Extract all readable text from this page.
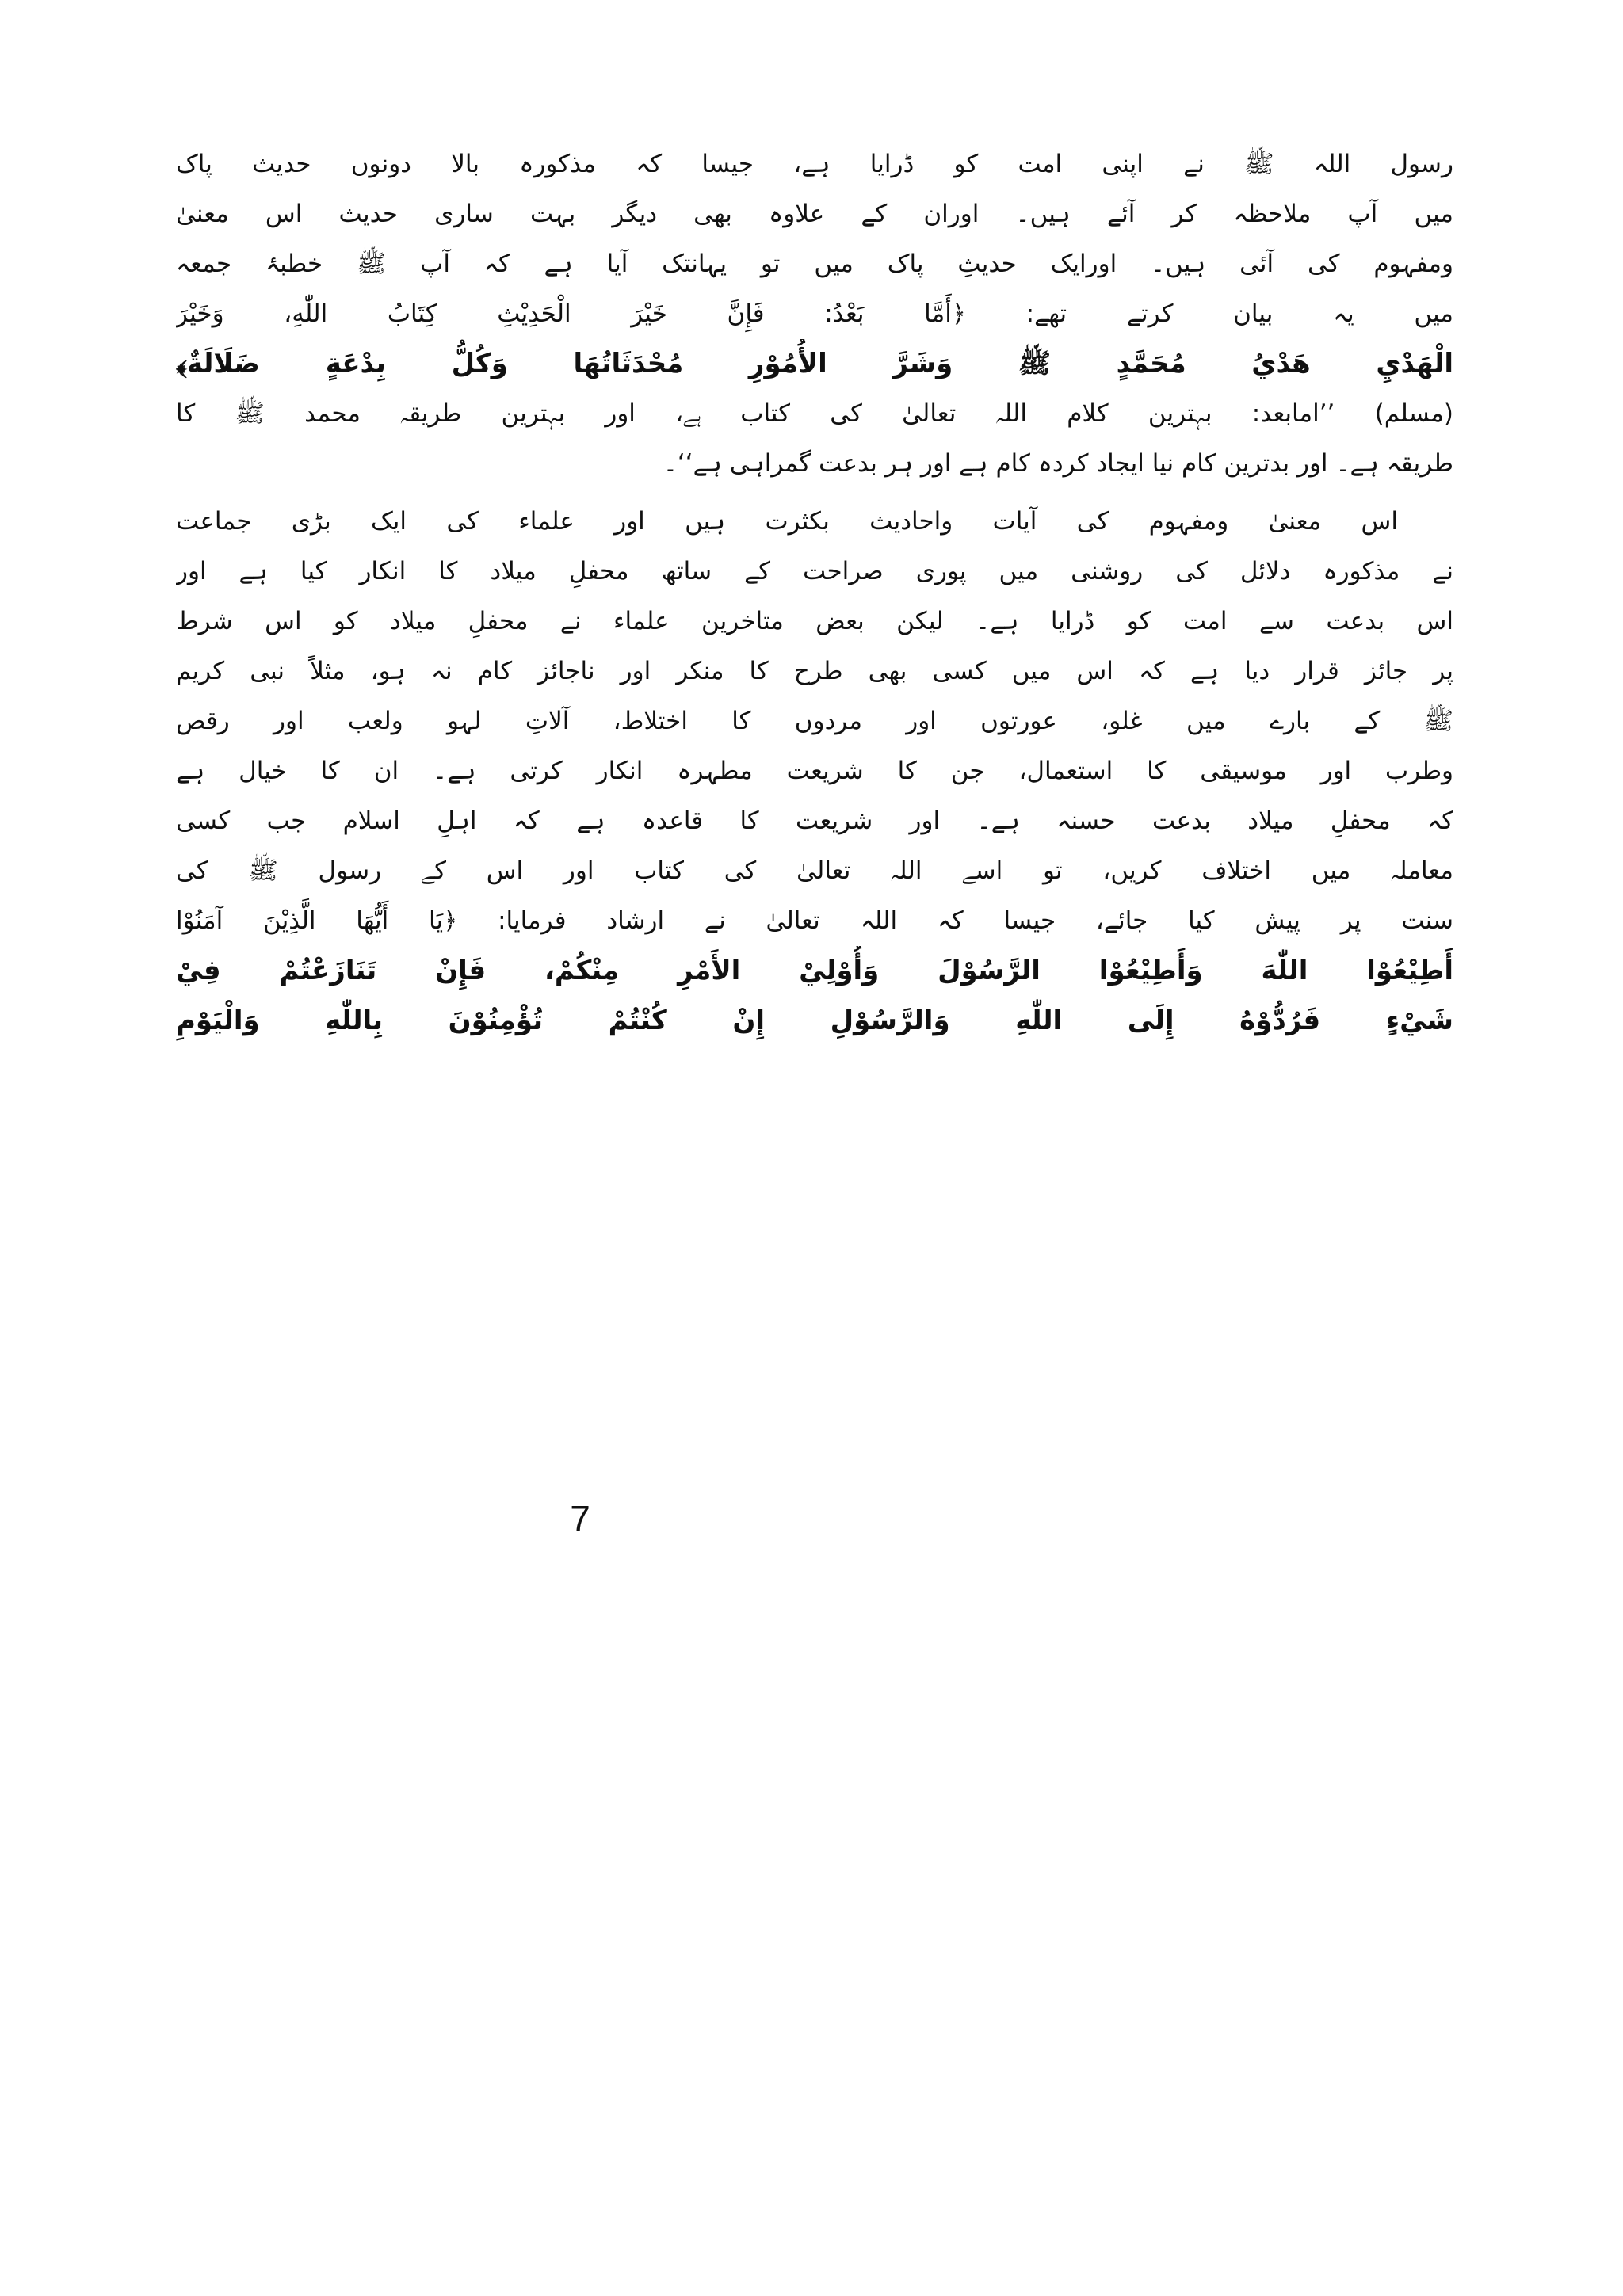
رسول اللہ ﷺ نے اپنی امت کو ڈرایا ہے، جیسا کہ مذکورہ بالا دونوں حدیث پاک
میں آپ ملاحظہ کر آئے ہیں۔ اوران کے علاوہ بھی دیگر بہت ساری حدیث اس معنیٰ
ومفہوم کی آئی ہیں۔ اورایک حدیثِ پاک میں تو یہانتک آیا ہے کہ آپ ﷺ خطبۂ جمعہ
میں یہ بیان کرتے تھے: ﴿أَمَّا بَعْدُ: فَإِنَّ خَيْرَ الْحَدِيْثِ كِتَابُ اللّٰهِ، وَخَيْرَ
الْهَدْيِ هَدْيُ مُحَمَّدٍ ﷺ وَشَرَّ الأُمُوْرِ مُحْدَثَاتُهَا وَكُلُّ بِدْعَةٍ ضَلَالَةٌ﴾
(مسلم) ’’امابعد: بہترین کلام اللہ تعالیٰ کی کتاب ہے، اور بہترین طریقہ محمد ﷺ کا
طریقہ ہے۔ اور بدترین کام نیا ایجاد کردہ کام ہے اور ہر بدعت گمراہی ہے‘‘۔
اس معنیٰ ومفہوم کی آیات واحادیث بکثرت ہیں اور علماء کی ایک بڑی جماعت
نے مذکورہ دلائل کی روشنی میں پوری صراحت کے ساتھ محفلِ میلاد کا انکار کیا ہے اور
اس بدعت سے امت کو ڈرایا ہے۔ لیکن بعض متاخرین علماء نے محفلِ میلاد کو اس شرط
پر جائز قرار دیا ہے کہ اس میں کسی بھی طرح کا منکر اور ناجائز کام نہ ہو، مثلاً نبی کریم
ﷺ کے بارے میں غلو، عورتوں اور مردوں کا اختلاط، آلاتِ لہو ولعب اور رقص
وطرب اور موسیقی کا استعمال، جن کا شریعت مطہرہ انکار کرتی ہے۔ ان کا خیال ہے
کہ محفلِ میلاد بدعت حسنہ ہے۔ اور شریعت کا قاعدہ ہے کہ اہلِ اسلام جب کسی
معاملہ میں اختلاف کریں، تو اسے اللہ تعالیٰ کی کتاب اور اس کے رسول ﷺ کی
سنت پر پیش کیا جائے، جیسا کہ اللہ تعالیٰ نے ارشاد فرمایا: ﴿يَا أَيُّهَا الَّذِيْنَ آمَنُوْا
أَطِيْعُوْا اللّٰهَ وَأَطِيْعُوْا الرَّسُوْلَ وَأُوْلِيْ الأَمْرِ مِنْكُمْ، فَإِنْ تَنَازَعْتُمْ فِيْ
شَيْءٍ فَرُدُّوْهُ إِلَى اللّٰهِ وَالرَّسُوْلِ إِنْ كُنْتُمْ تُؤْمِنُوْنَ بِاللّٰهِ وَالْيَوْمِ
7
